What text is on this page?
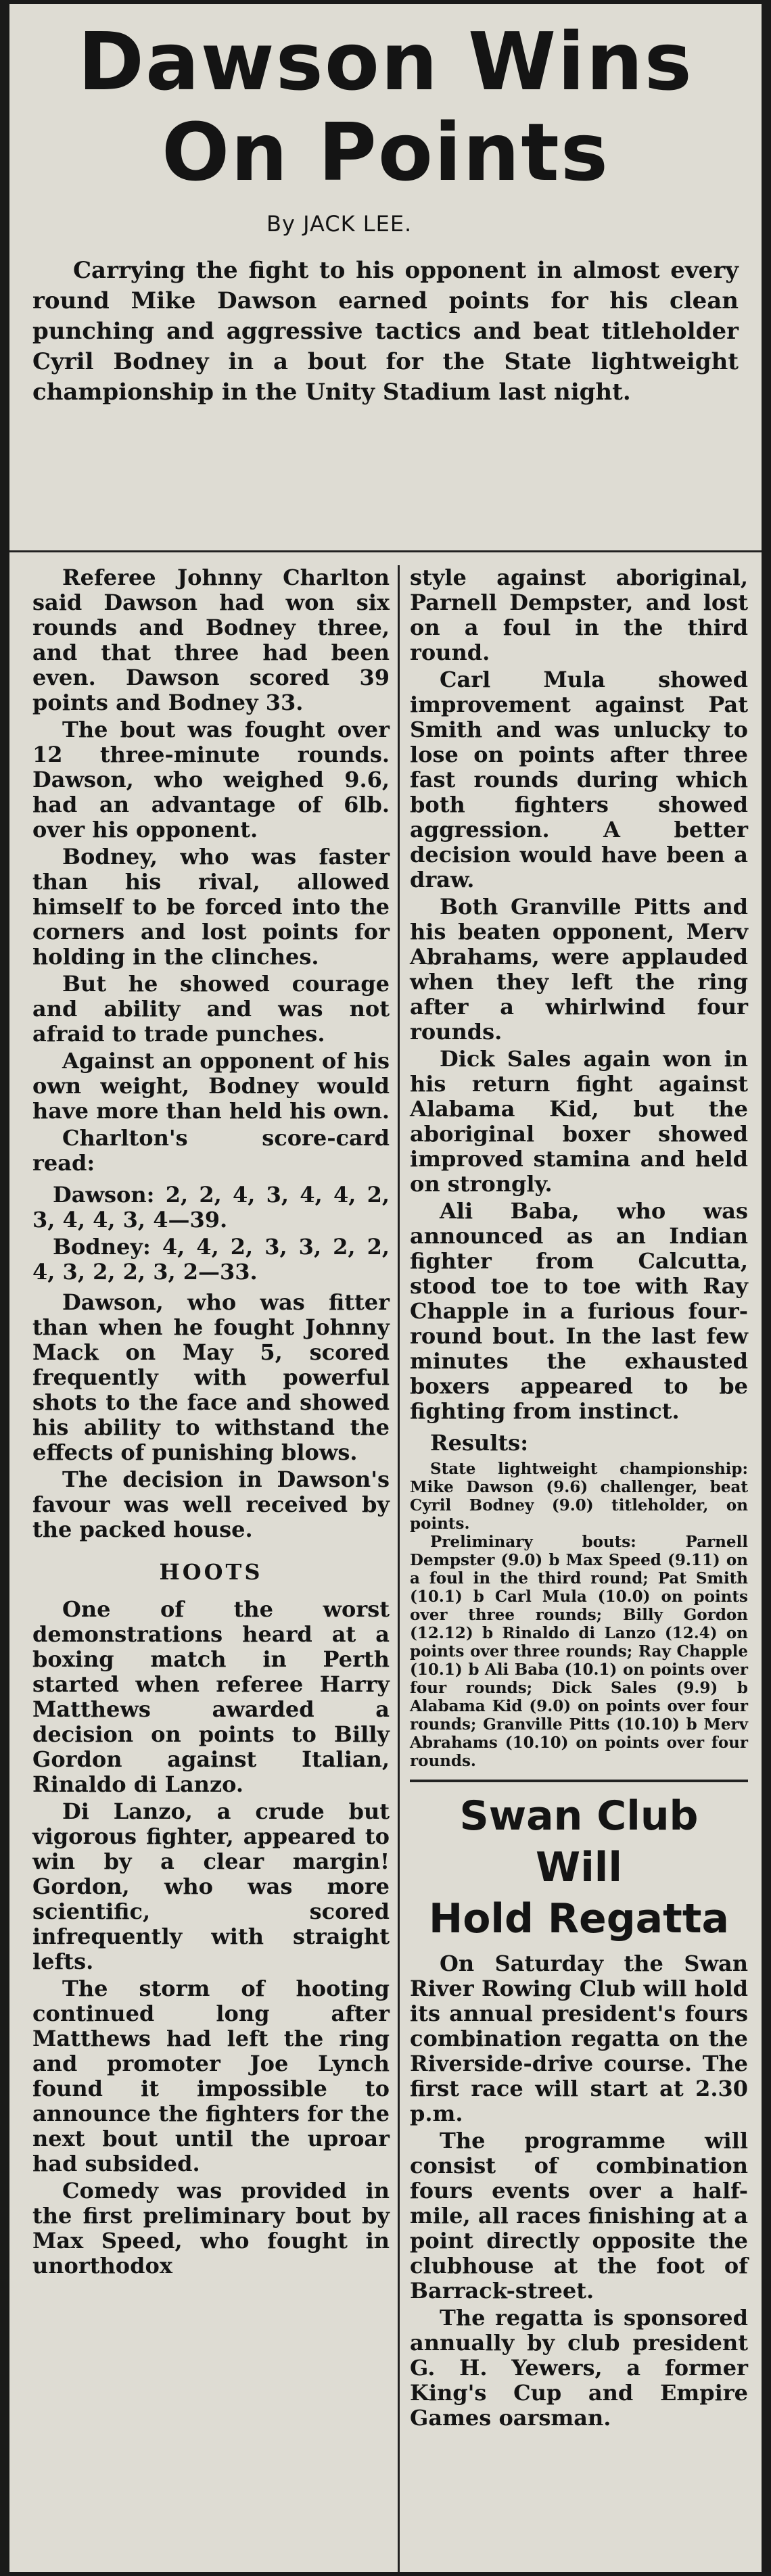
Dawson Wins
On Points
By JACK LEE.
Carrying the fight to his opponent in almost every round Mike Dawson earned points for his clean punching and aggressive tactics and beat titleholder Cyril Bodney in a bout for the State lightweight championship in the Unity Stadium last night.

Referee Johnny Charlton said Dawson had won six rounds and Bodney three, and that three had been even. Dawson scored 39 points and Bodney 33.

The bout was fought over 12 three-minute rounds. Dawson, who weighed 9.6, had an advantage of 6lb. over his opponent.

Bodney, who was faster than his rival, allowed himself to be forced into the corners and lost points for holding in the clinches.

But he showed courage and ability and was not afraid to trade punches.

Against an opponent of his own weight, Bodney would have more than held his own.

Charlton's score-card read:

Dawson: 2, 2, 4, 3, 4, 4, 2, 3, 4, 4, 3, 4—39.

Bodney: 4, 4, 2, 3, 3, 2, 2, 4, 3, 2, 2, 3, 2—33.

Dawson, who was fitter than when he fought Johnny Mack on May 5, scored frequently with powerful shots to the face and showed his ability to withstand the effects of punishing blows.

The decision in Dawson's favour was well received by the packed house.

HOOTS

One of the worst demonstrations heard at a boxing match in Perth started when referee Harry Matthews awarded a decision on points to Billy Gordon against Italian, Rinaldo di Lanzo.

Di Lanzo, a crude but vigorous fighter, appeared to win by a clear margin! Gordon, who was more scientific, scored infrequently with straight lefts.

The storm of hooting continued long after Matthews had left the ring and promoter Joe Lynch found it impossible to announce the fighters for the next bout until the uproar had subsided.

Comedy was provided in the first preliminary bout by Max Speed, who fought in unorthodox

style against aboriginal, Parnell Dempster, and lost on a foul in the third round.

Carl Mula showed improvement against Pat Smith and was unlucky to lose on points after three fast rounds during which both fighters showed aggression. A better decision would have been a draw.

Both Granville Pitts and his beaten opponent, Merv Abrahams, were applauded when they left the ring after a whirlwind four rounds.

Dick Sales again won in his return fight against Alabama Kid, but the aboriginal boxer showed improved stamina and held on strongly.

Ali Baba, who was announced as an Indian fighter from Calcutta, stood toe to toe with Ray Chapple in a furious four-round bout. In the last few minutes the exhausted boxers appeared to be fighting from instinct.

Results:

State lightweight championship: Mike Dawson (9.6) challenger, beat Cyril Bodney (9.0) titleholder, on points.

Preliminary bouts: Parnell Dempster (9.0) b Max Speed (9.11) on a foul in the third round; Pat Smith (10.1) b Carl Mula (10.0) on points over three rounds; Billy Gordon (12.12) b Rinaldo di Lanzo (12.4) on points over three rounds; Ray Chapple (10.1) b Ali Baba (10.1) on points over four rounds; Dick Sales (9.9) b Alabama Kid (9.0) on points over four rounds; Granville Pitts (10.10) b Merv Abrahams (10.10) on points over four rounds.

Swan Club Will
Hold Regatta

On Saturday the Swan River Rowing Club will hold its annual president's fours combination regatta on the Riverside-drive course. The first race will start at 2.30 p.m.

The programme will consist of combination fours events over a half-mile, all races finishing at a point directly opposite the clubhouse at the foot of Barrack-street.

The regatta is sponsored annually by club president G. H. Yewers, a former King's Cup and Empire Games oarsman.
